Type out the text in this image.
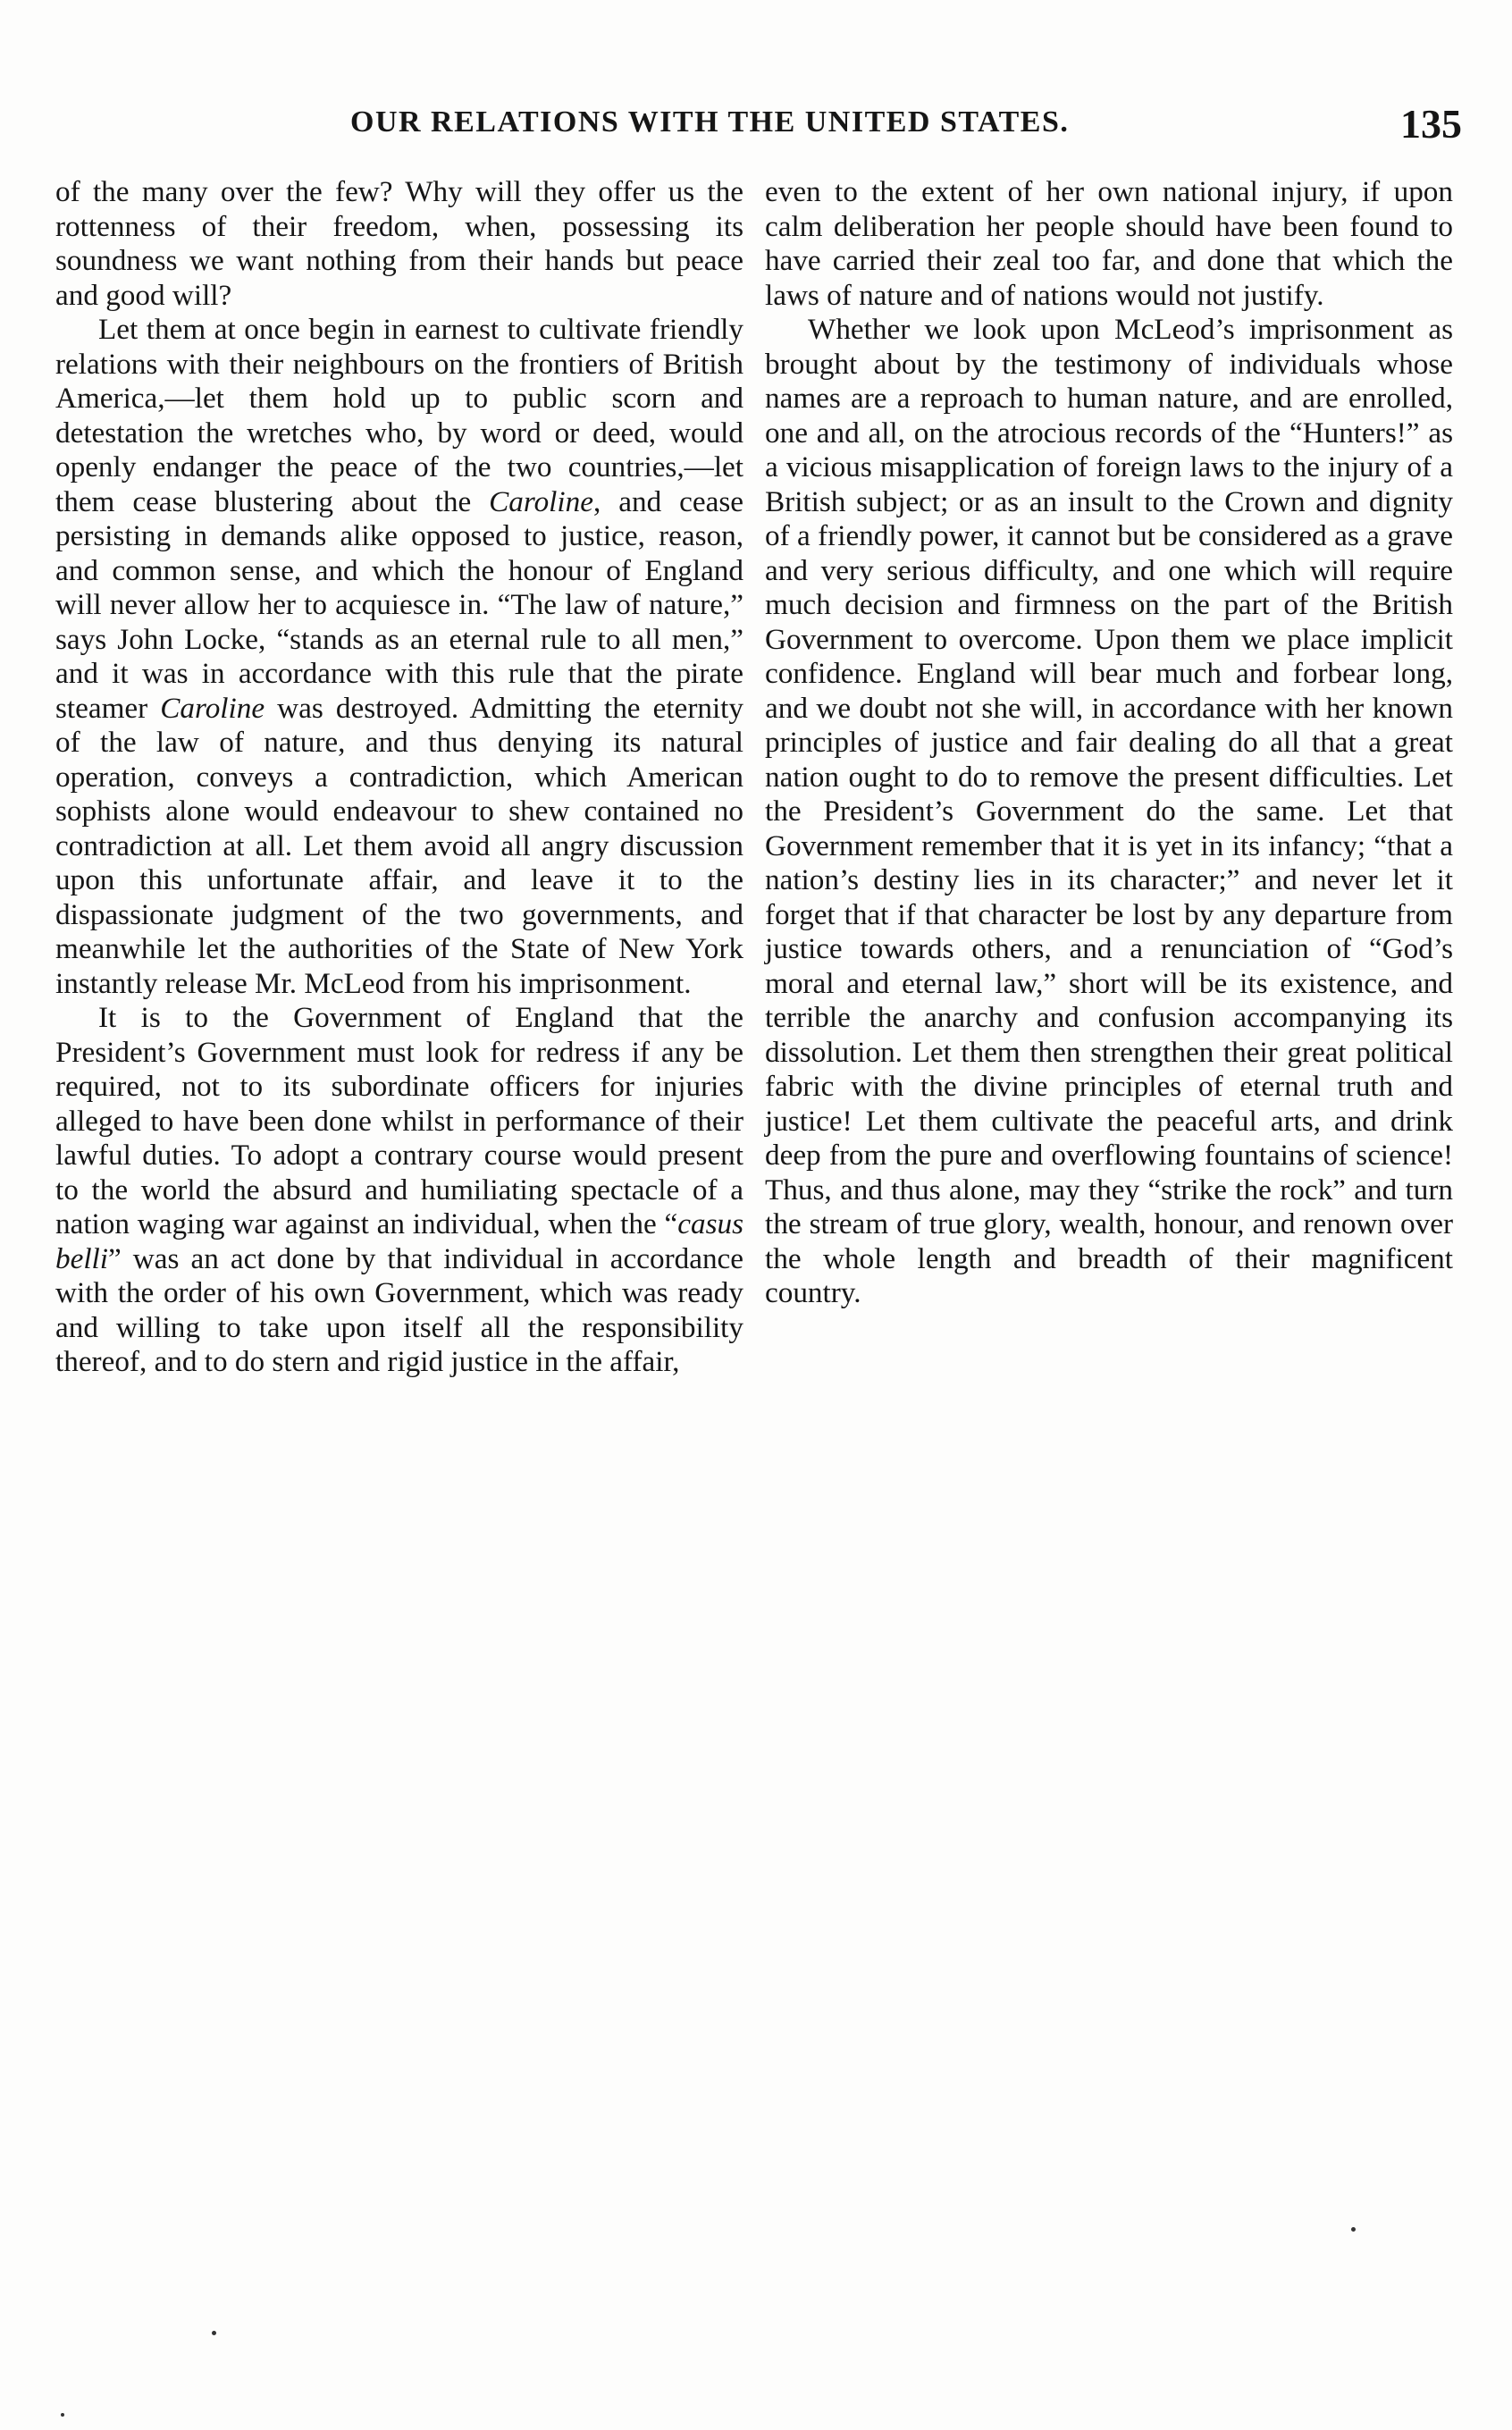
OUR RELATIONS WITH THE UNITED STATES.	135

of the many over the few? Why will they offer us the rottenness of their freedom, when, possessing its soundness we want nothing from their hands but peace and good will?

Let them at once begin in earnest to cultivate friendly relations with their neighbours on the frontiers of British America,—let them hold up to public scorn and detestation the wretches who, by word or deed, would openly endanger the peace of the two countries,—let them cease blustering about the Caroline, and cease persisting in demands alike opposed to justice, reason, and common sense, and which the honour of England will never allow her to acquiesce in. “The law of nature,” says John Locke, “stands as an eternal rule to all men,” and it was in accordance with this rule that the pirate steamer Caroline was destroyed. Admitting the eternity of the law of nature, and thus denying its natural operation, conveys a contradiction, which American sophists alone would endeavour to shew contained no contradiction at all. Let them avoid all angry discussion upon this unfortunate affair, and leave it to the dispassionate judgment of the two governments, and meanwhile let the authorities of the State of New York instantly release Mr. McLeod from his imprisonment.

It is to the Government of England that the President’s Government must look for redress if any be required, not to its subordinate officers for injuries alleged to have been done whilst in performance of their lawful duties. To adopt a contrary course would present to the world the absurd and humiliating spectacle of a nation waging war against an individual, when the “casus belli” was an act done by that individual in accordance with the order of his own Government, which was ready and willing to take upon itself all the responsibility thereof, and to do stern and rigid justice in the affair,

even to the extent of her own national injury, if upon calm deliberation her people should have been found to have carried their zeal too far, and done that which the laws of nature and of nations would not justify.

Whether we look upon McLeod’s imprisonment as brought about by the testimony of individuals whose names are a reproach to human nature, and are enrolled, one and all, on the atrocious records of the “Hunters!” as a vicious misapplication of foreign laws to the injury of a British subject; or as an insult to the Crown and dignity of a friendly power, it cannot but be considered as a grave and very serious difficulty, and one which will require much decision and firmness on the part of the British Government to overcome. Upon them we place implicit confidence. England will bear much and forbear long, and we doubt not she will, in accordance with her known principles of justice and fair dealing do all that a great nation ought to do to remove the present difficulties. Let the President’s Government do the same. Let that Government remember that it is yet in its infancy; “that a nation’s destiny lies in its character;” and never let it forget that if that character be lost by any departure from justice towards others, and a renunciation of “God’s moral and eternal law,” short will be its existence, and terrible the anarchy and confusion accompanying its dissolution. Let them then strengthen their great political fabric with the divine principles of eternal truth and justice! Let them cultivate the peaceful arts, and drink deep from the pure and overflowing fountains of science! Thus, and thus alone, may they “strike the rock” and turn the stream of true glory, wealth, honour, and renown over the whole length and breadth of their magnificent country.
